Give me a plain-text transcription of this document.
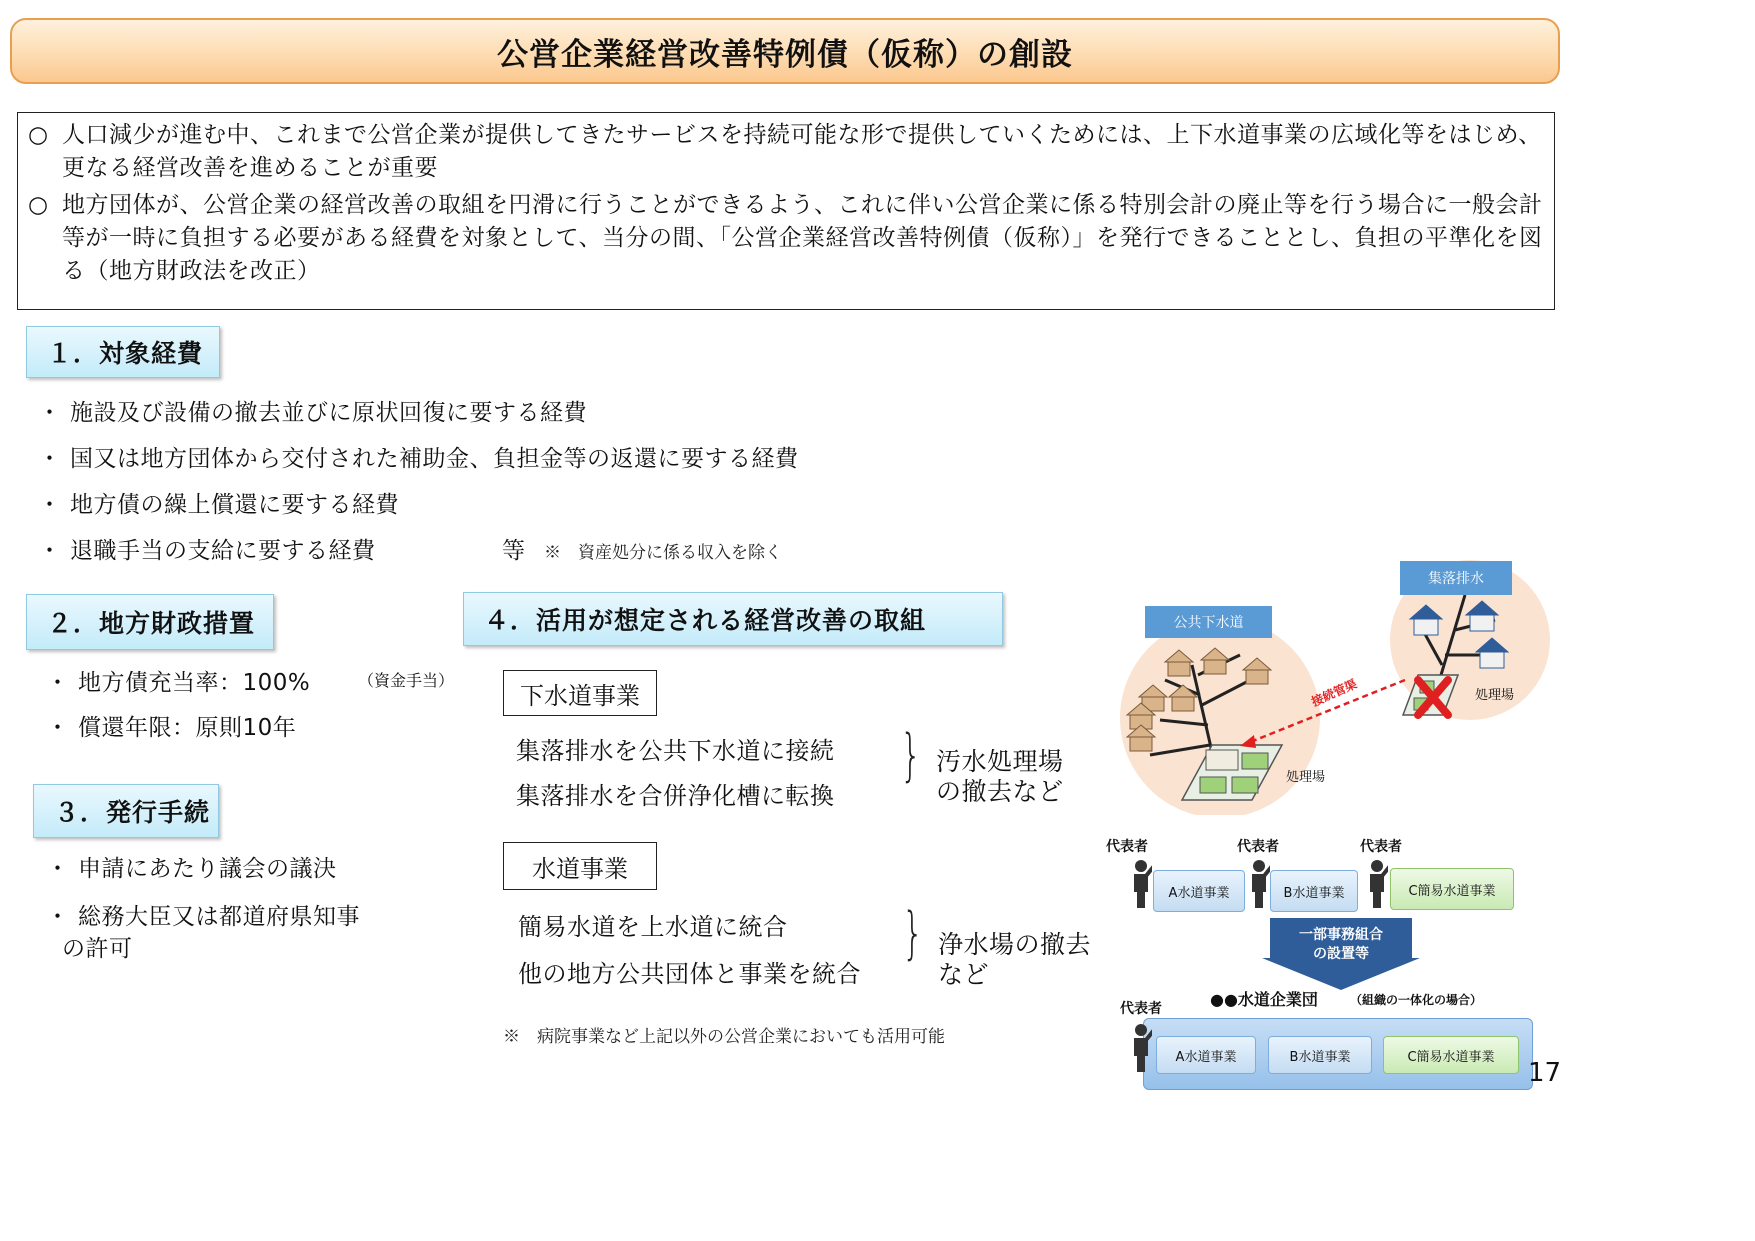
公営企業経営改善特例債（仮称）の創設
○ 人口減少が進む中、これまで公営企業が提供してきたサービスを持続可能な形で提供していくためには、上下水道事業の広域化等をはじめ、更なる経営改善を進めることが重要
○ 地方団体が、公営企業の経営改善の取組を円滑に行うことができるよう、これに伴い公営企業に係る特別会計の廃止等を行う場合に一般会計等が一時に負担する必要がある経費を対象として、当分の間、「公営企業経営改善特例債（仮称）」を発行できることとし、負担の平準化を図る（地方財政法を改正）
１．対象経費
・ 施設及び設備の撤去並びに原状回復に要する経費
・ 国又は地方団体から交付された補助金、負担金等の返還に要する経費
・ 地方債の繰上償還に要する経費
・ 退職手当の支給に要する経費	等 ※　資産処分に係る収入を除く
２．地方財政措置
・ 地方債充当率：100%	（資金手当）
・ 償還年限：原則10年
３．発行手続
・ 申請にあたり議会の議決
・ 総務大臣又は都道府県知事
の許可
４．活用が想定される経営改善の取組
下水道事業
集落排水を公共下水道に接続
集落排水を合併浄化槽に転換
} 汚水処理場
の撤去など
水道事業
簡易水道を上水道に統合
他の地方公共団体と事業を統合
} 浄水場の撤去
など
※　病院事業など上記以外の公営企業においても活用可能
公共下水道
集落排水
接続管渠	処理場
処理場
代表者	代表者	代表者
A水道事業	B水道事業	C簡易水道事業
一部事務組合
の設置等
●●水道企業団	（組織の一体化の場合）
代表者
A水道事業	B水道事業	C簡易水道事業
17
